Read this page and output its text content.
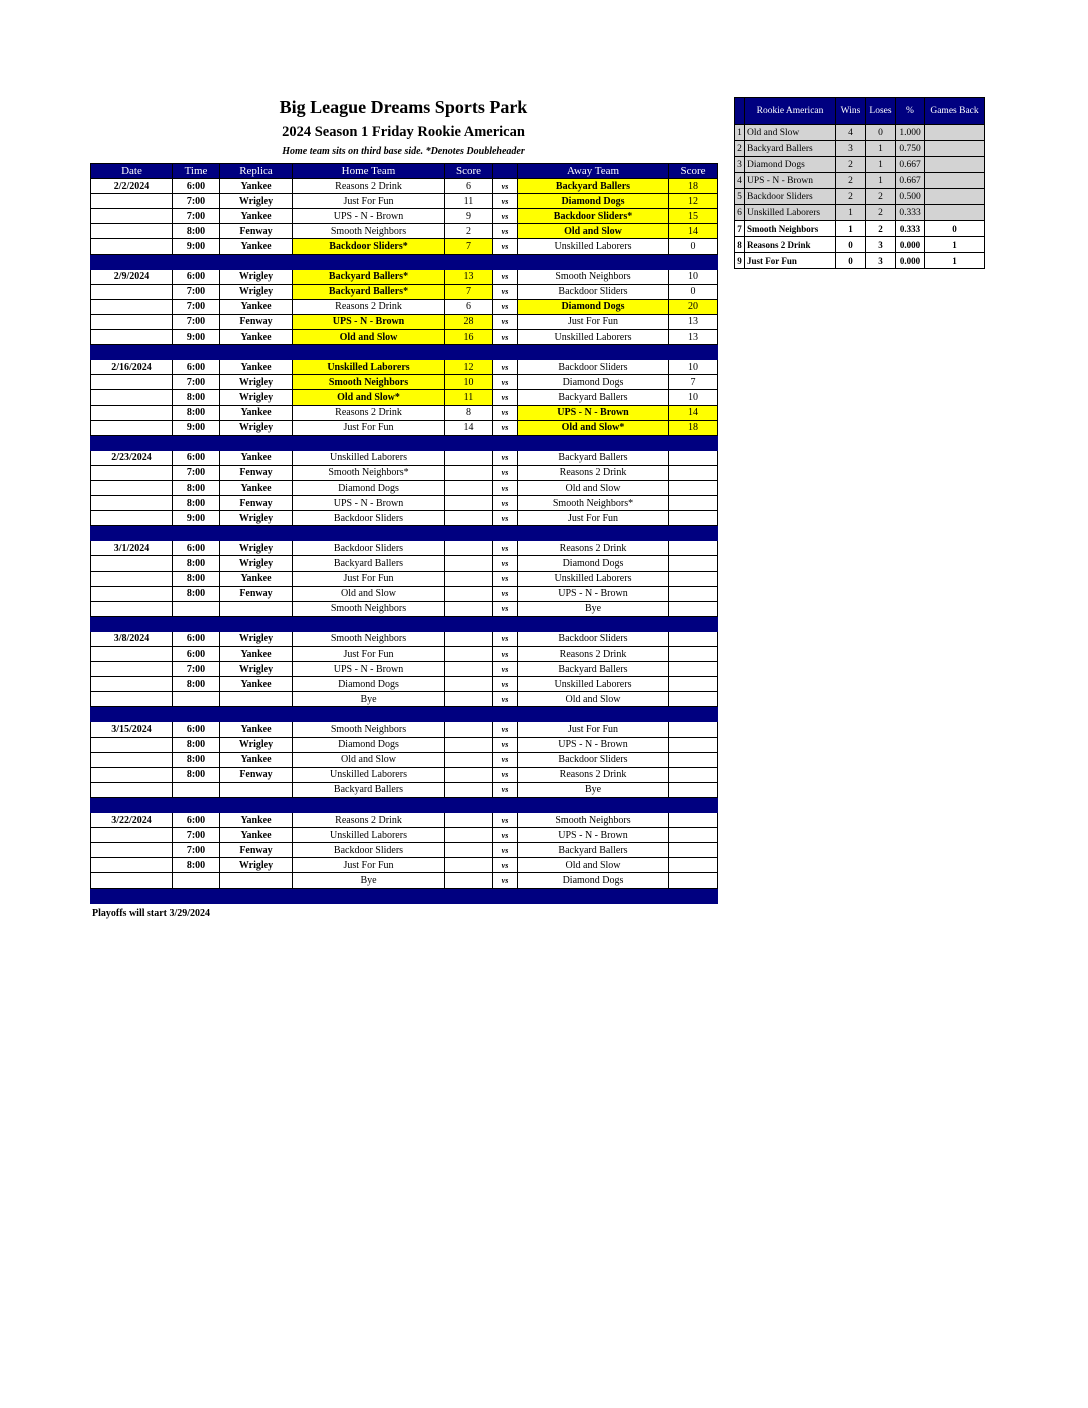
Big League Dreams Sports Park
2024 Season 1 Friday Rookie American
Home team sits on third base side. *Denotes Doubleheader
Date	Time	Replica	Home Team	Score		Away Team	Score
2/2/2024	6:00	Yankee	Reasons 2 Drink	6	vs	Backyard Ballers	18
	7:00	Wrigley	Just For Fun	11	vs	Diamond Dogs	12
	7:00	Yankee	UPS - N - Brown	9	vs	Backdoor Sliders*	15
	8:00	Fenway	Smooth Neighbors	2	vs	Old and Slow	14
	9:00	Yankee	Backdoor Sliders*	7	vs	Unskilled Laborers	0

2/9/2024	6:00	Wrigley	Backyard Ballers*	13	vs	Smooth Neighbors	10
	7:00	Wrigley	Backyard Ballers*	7	vs	Backdoor Sliders	0
	7:00	Yankee	Reasons 2 Drink	6	vs	Diamond Dogs	20
	7:00	Fenway	UPS - N - Brown	28	vs	Just For Fun	13
	9:00	Yankee	Old and Slow	16	vs	Unskilled Laborers	13

2/16/2024	6:00	Yankee	Unskilled Laborers	12	vs	Backdoor Sliders	10
	7:00	Wrigley	Smooth Neighbors	10	vs	Diamond Dogs	7
	8:00	Wrigley	Old and Slow*	11	vs	Backyard Ballers	10
	8:00	Yankee	Reasons 2 Drink	8	vs	UPS - N - Brown	14
	9:00	Wrigley	Just For Fun	14	vs	Old and Slow*	18

2/23/2024	6:00	Yankee	Unskilled Laborers		vs	Backyard Ballers	
	7:00	Fenway	Smooth Neighbors*		vs	Reasons 2 Drink	
	8:00	Yankee	Diamond Dogs		vs	Old and Slow	
	8:00	Fenway	UPS - N - Brown		vs	Smooth Neighbors*	
	9:00	Wrigley	Backdoor Sliders		vs	Just For Fun	

3/1/2024	6:00	Wrigley	Backdoor Sliders		vs	Reasons 2 Drink	
	8:00	Wrigley	Backyard Ballers		vs	Diamond Dogs	
	8:00	Yankee	Just For Fun		vs	Unskilled Laborers	
	8:00	Fenway	Old and Slow		vs	UPS - N - Brown	
			Smooth Neighbors		vs	Bye	

3/8/2024	6:00	Wrigley	Smooth Neighbors		vs	Backdoor Sliders	
	6:00	Yankee	Just For Fun		vs	Reasons 2 Drink	
	7:00	Wrigley	UPS - N - Brown		vs	Backyard Ballers	
	8:00	Yankee	Diamond Dogs		vs	Unskilled Laborers	
			Bye		vs	Old and Slow	

3/15/2024	6:00	Yankee	Smooth Neighbors		vs	Just For Fun	
	8:00	Wrigley	Diamond Dogs		vs	UPS - N - Brown	
	8:00	Yankee	Old and Slow		vs	Backdoor Sliders	
	8:00	Fenway	Unskilled Laborers		vs	Reasons 2 Drink	
			Backyard Ballers		vs	Bye	

3/22/2024	6:00	Yankee	Reasons 2 Drink		vs	Smooth Neighbors	
	7:00	Yankee	Unskilled Laborers		vs	UPS - N - Brown	
	7:00	Fenway	Backdoor Sliders		vs	Backyard Ballers	
	8:00	Wrigley	Just For Fun		vs	Old and Slow	
			Bye		vs	Diamond Dogs	

Playoffs will start 3/29/2024
	Rookie American	Wins	Loses	%	Games Back
1	Old and Slow	4	0	1.000	
2	Backyard Ballers	3	1	0.750	
3	Diamond Dogs	2	1	0.667	
4	UPS - N - Brown	2	1	0.667	
5	Backdoor Sliders	2	2	0.500	
6	Unskilled Laborers	1	2	0.333	
7	Smooth Neighbors	1	2	0.333	0
8	Reasons 2 Drink	0	3	0.000	1
9	Just For Fun	0	3	0.000	1
